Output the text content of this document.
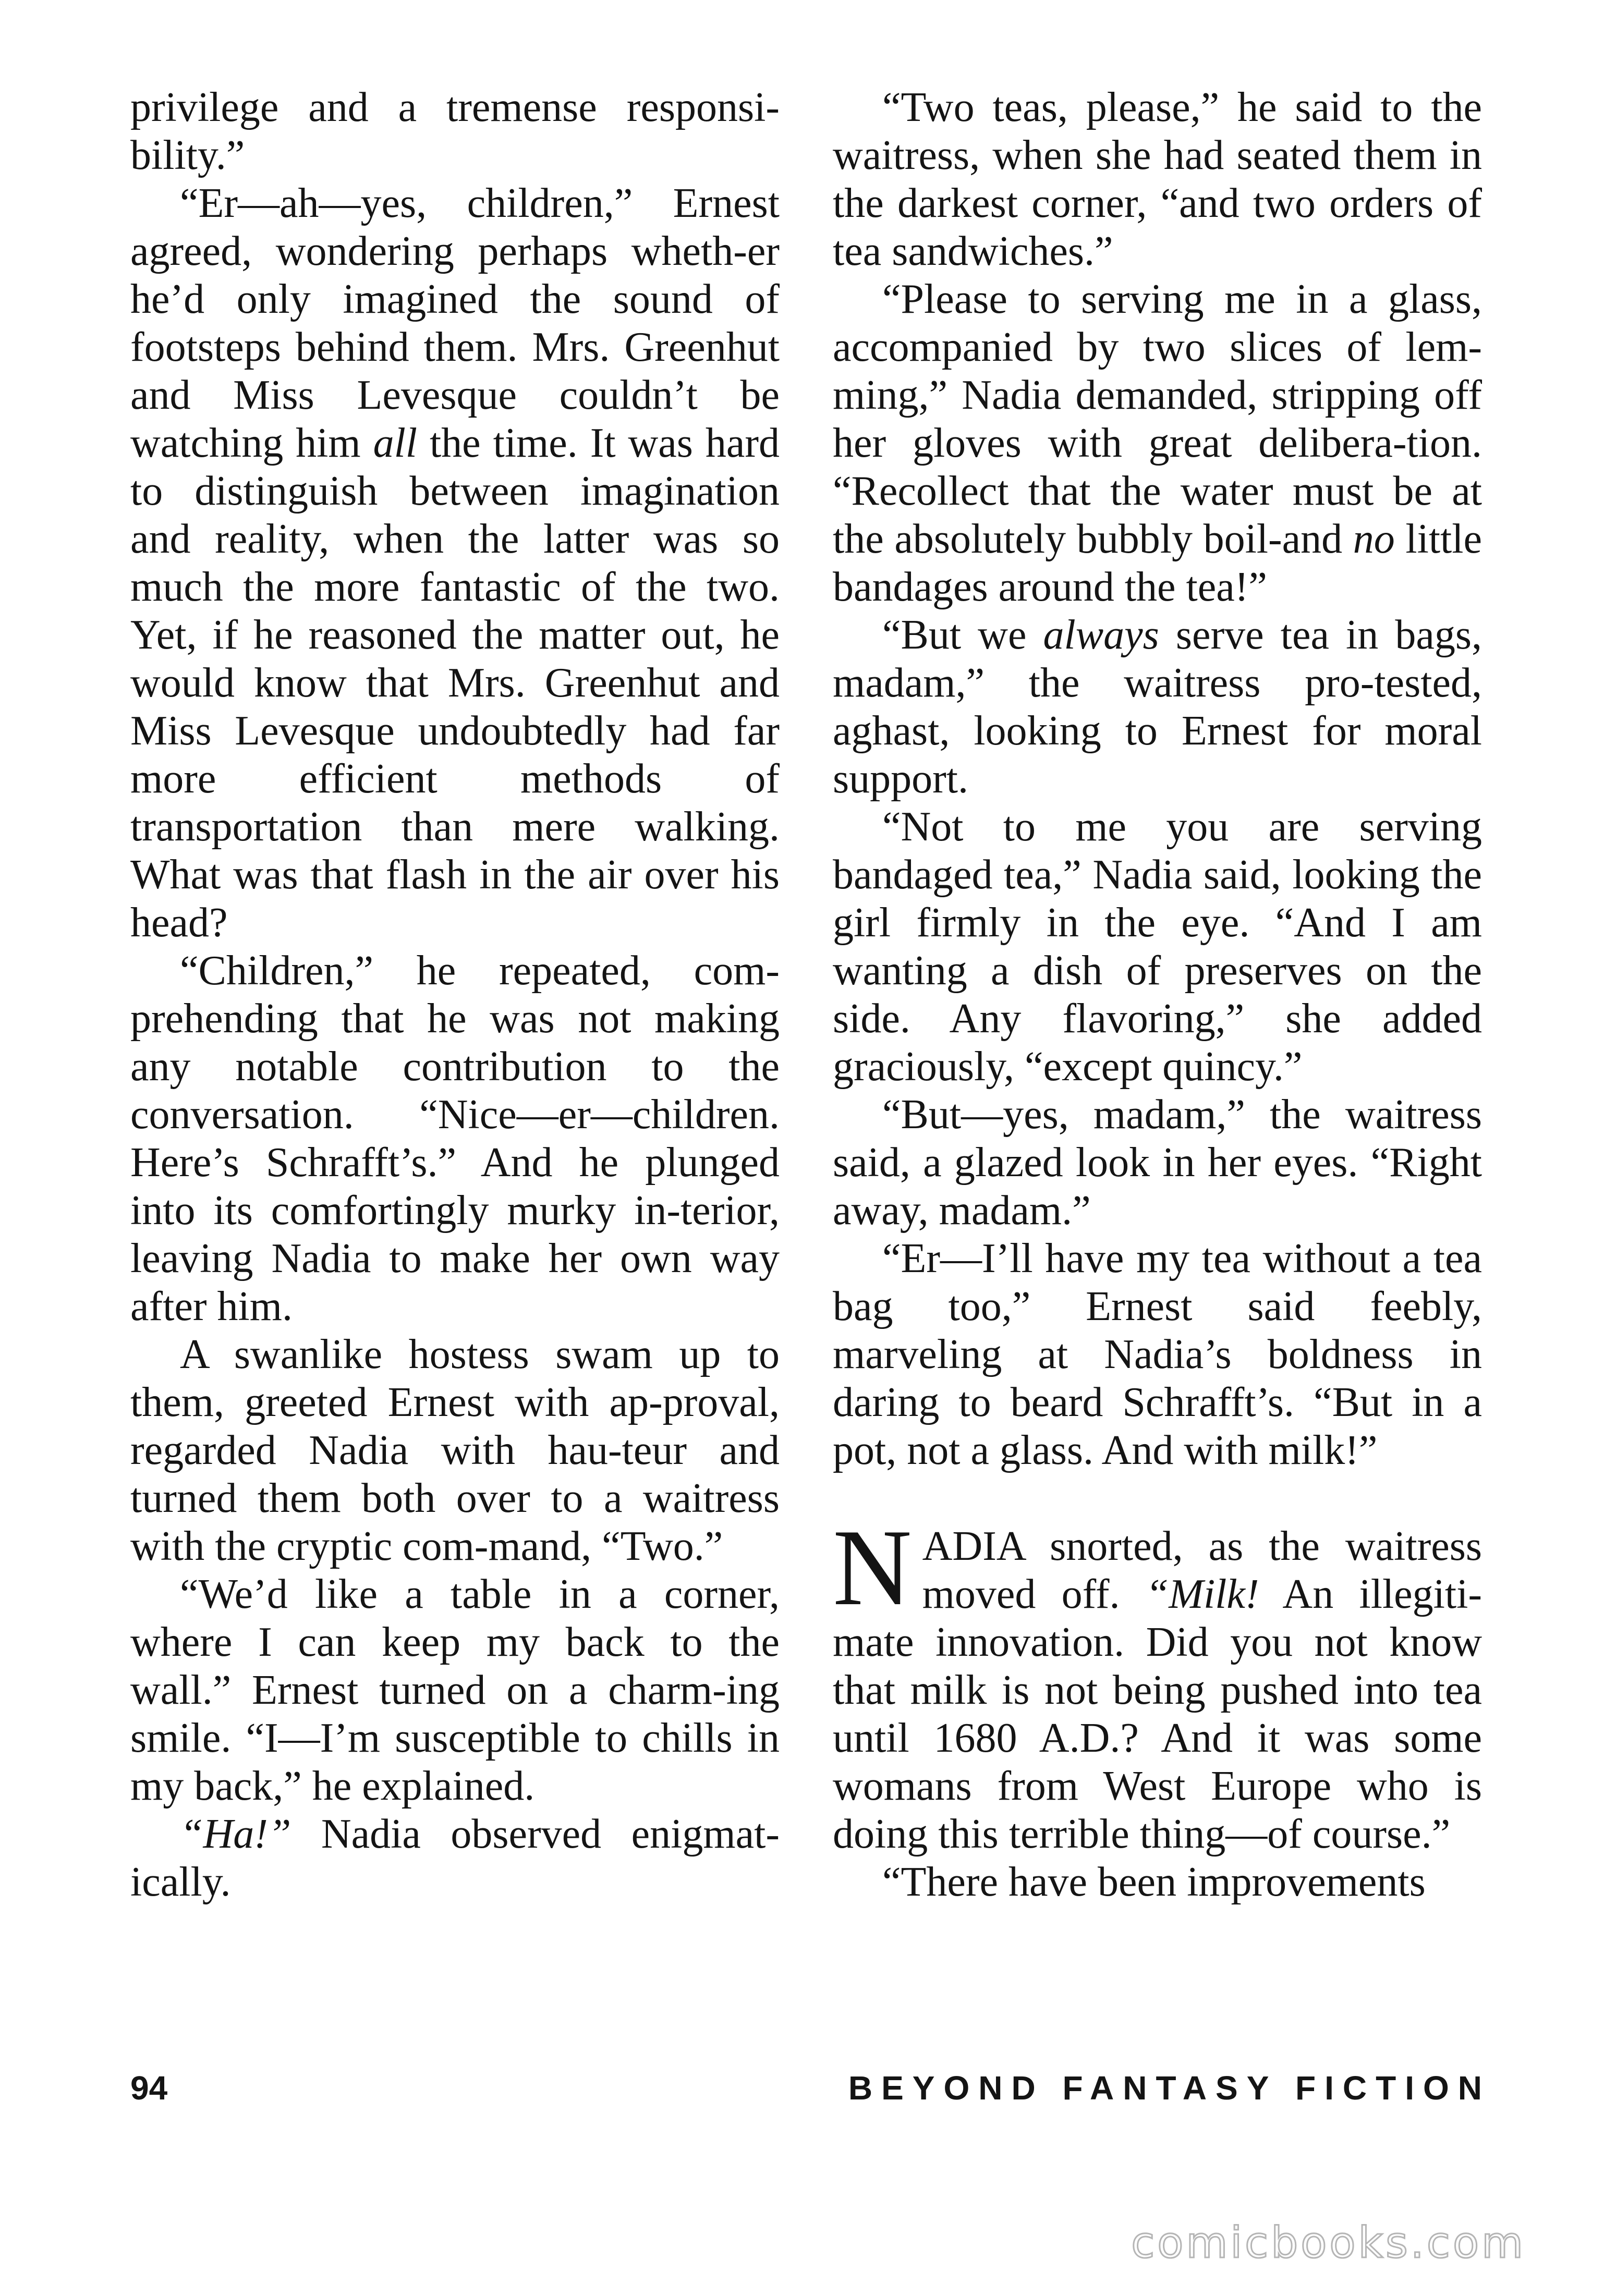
privilege and a tremense responsi-bility.”

“Er—ah—yes, children,” Ernest agreed, wondering perhaps wheth-er he’d only imagined the sound of footsteps behind them. Mrs. Greenhut and Miss Levesque couldn’t be watching him all the time. It was hard to distinguish between imagination and reality, when the latter was so much the more fantastic of the two. Yet, if he reasoned the matter out, he would know that Mrs. Greenhut and Miss Levesque undoubtedly had far more efficient methods of transportation than mere walking. What was that flash in the air over his head?

“Children,” he repeated, com-prehending that he was not making any notable contribution to the conversation. “Nice—er—children. Here’s Schrafft’s.” And he plunged into its comfortingly murky in-terior, leaving Nadia to make her own way after him.

A swanlike hostess swam up to them, greeted Ernest with ap-proval, regarded Nadia with hau-teur and turned them both over to a waitress with the cryptic com-mand, “Two.”

“We’d like a table in a corner, where I can keep my back to the wall.” Ernest turned on a charm-ing smile. “I—I’m susceptible to chills in my back,” he explained.

“Ha!” Nadia observed enigmat-ically.

“Two teas, please,” he said to the waitress, when she had seated them in the darkest corner, “and two orders of tea sandwiches.”

“Please to serving me in a glass, accompanied by two slices of lem-ming,” Nadia demanded, stripping off her gloves with great delibera-tion. “Recollect that the water must be at the absolutely bubbly boil-and no little bandages around the tea!”

“But we always serve tea in bags, madam,” the waitress pro-tested, aghast, looking to Ernest for moral support.

“Not to me you are serving bandaged tea,” Nadia said, looking the girl firmly in the eye. “And I am wanting a dish of preserves on the side. Any flavoring,” she added graciously, “except quincy.”

“But—yes, madam,” the waitress said, a glazed look in her eyes. “Right away, madam.”

“Er—I’ll have my tea without a tea bag too,” Ernest said feebly, marveling at Nadia’s boldness in daring to beard Schrafft’s. “But in a pot, not a glass. And with milk!”

NADIA snorted, as the waitress moved off. “Milk! An illegiti-mate innovation. Did you not know that milk is not being pushed into tea until 1680 A.D.? And it was some womans from West Europe who is doing this terrible thing—of course.”

“There have been improvements

94	BEYOND FANTASY FICTION
comicbooks.com
